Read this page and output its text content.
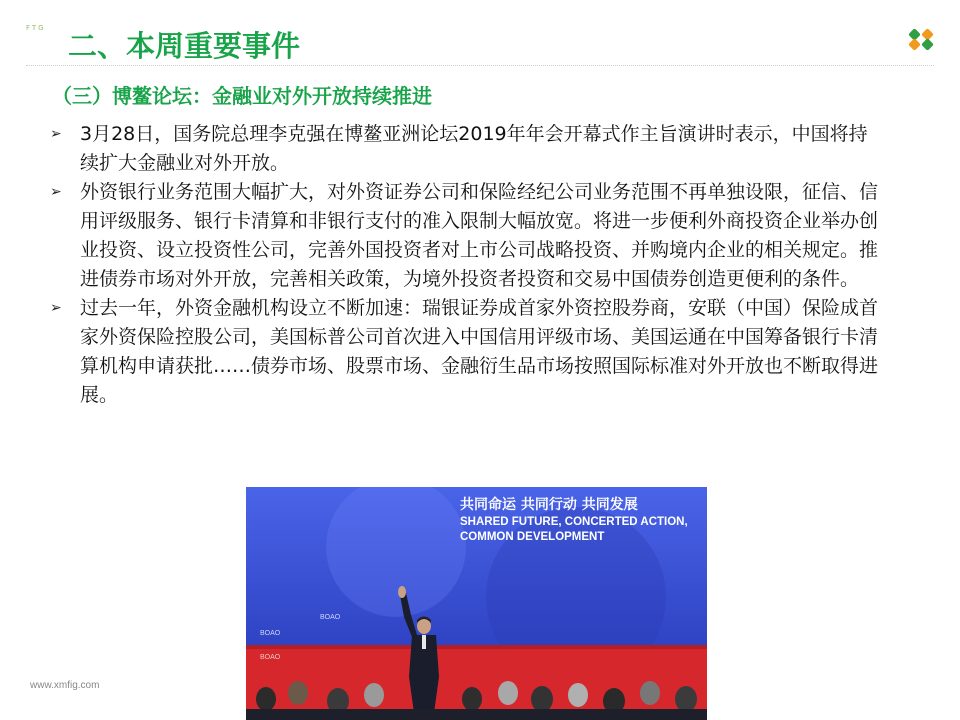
FTG
二、本周重要事件
（三）博鳌论坛：金融业对外开放持续推进
➢ 3月28日，国务院总理李克强在博鳌亚洲论坛2019年年会开幕式作主旨演讲时表示，中国将持续扩大金融业对外开放。
➢ 外资银行业务范围大幅扩大，对外资证券公司和保险经纪公司业务范围不再单独设限，征信、信用评级服务、银行卡清算和非银行支付的准入限制大幅放宽。将进一步便利外商投资企业举办创业投资、设立投资性公司，完善外国投资者对上市公司战略投资、并购境内企业的相关规定。推进债券市场对外开放，完善相关政策，为境外投资者投资和交易中国债券创造更便利的条件。
➢ 过去一年，外资金融机构设立不断加速：瑞银证券成首家外资控股券商，安联（中国）保险成首家外资保险控股公司，美国标普公司首次进入中国信用评级市场、美国运通在中国筹备银行卡清算机构申请获批……债券市场、股票市场、金融衍生品市场按照国际标准对外开放也不断取得进展。
BOAO
BOAO
BOAO
共同命运 共同行动 共同发展
SHARED FUTURE, CONCERTED ACTION, COMMON DEVELOPMENT
www.xmfig.com
